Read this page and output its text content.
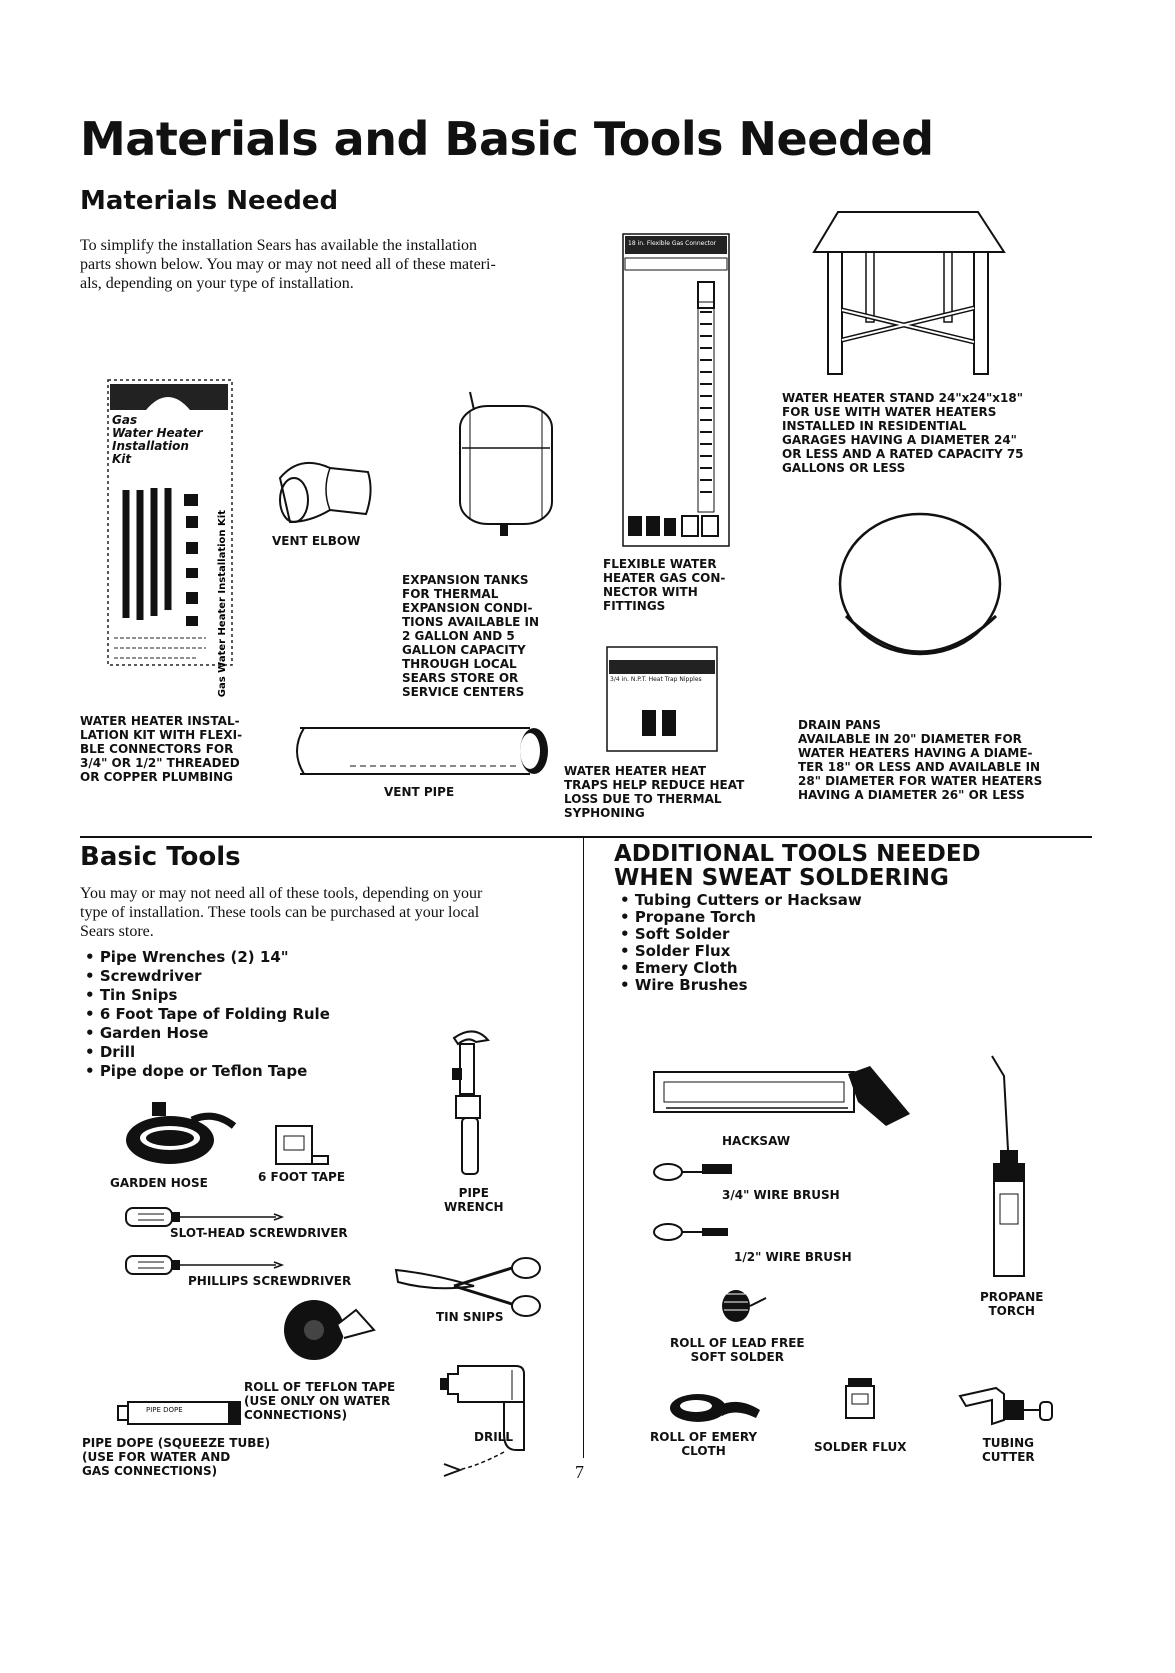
Materials and Basic Tools Needed
Materials Needed
To simplify the installation Sears has available the installation
parts shown below. You may or may not need all of these materi-
als, depending on your type of installation.
Gas Water Heater Installation Kit
Gas
Water Heater
Installation
Kit
WATER HEATER INSTAL-
LATION KIT WITH FLEXI-
BLE CONNECTORS FOR
3/4" OR 1/2" THREADED
OR COPPER PLUMBING
VENT ELBOW
EXPANSION TANKS
FOR THERMAL
EXPANSION CONDI-
TIONS AVAILABLE IN
2 GALLON AND 5
GALLON CAPACITY
THROUGH LOCAL
SEARS STORE OR
SERVICE CENTERS
18 in. Flexible Gas Connector
FLEXIBLE WATER
HEATER GAS CON-
NECTOR WITH
FITTINGS
WATER HEATER STAND 24"x24"x18"
FOR USE WITH WATER HEATERS
INSTALLED IN RESIDENTIAL
GARAGES HAVING A DIAMETER 24"
OR LESS AND A RATED CAPACITY 75
GALLONS OR LESS
DRAIN PANS
AVAILABLE IN 20" DIAMETER FOR
WATER HEATERS HAVING A DIAME-
TER 18" OR LESS AND AVAILABLE IN
28" DIAMETER FOR WATER HEATERS
HAVING A DIAMETER 26" OR LESS
VENT PIPE
3/4 in. N.P.T. Heat Trap Nipples
WATER HEATER HEAT
TRAPS HELP REDUCE HEAT
LOSS DUE TO THERMAL
SYPHONING
Basic Tools
You may or may not need all of these tools, depending on your
type of installation. These tools can be purchased at your local
Sears store.
• Pipe Wrenches (2) 14"
• Screwdriver
• Tin Snips
• 6 Foot Tape of Folding Rule
• Garden Hose
• Drill
• Pipe dope or Teflon Tape
GARDEN HOSE	6 FOOT TAPE
PIPE
WRENCH
SLOT-HEAD SCREWDRIVER
PHILLIPS SCREWDRIVER
TIN SNIPS
ROLL OF TEFLON TAPE
(USE ONLY ON WATER
CONNECTIONS)
PIPE DOPE
PIPE DOPE (SQUEEZE TUBE)
(USE FOR WATER AND
GAS CONNECTIONS)
DRILL
7
ADDITIONAL TOOLS NEEDED
WHEN SWEAT SOLDERING
• Tubing Cutters or Hacksaw
• Propane Torch
• Soft Solder
• Solder Flux
• Emery Cloth
• Wire Brushes
HACKSAW
3/4" WIRE BRUSH
1/2" WIRE BRUSH
PROPANE
TORCH
ROLL OF LEAD FREE
SOFT SOLDER
ROLL OF EMERY
CLOTH	SOLDER FLUX	TUBING
CUTTER
